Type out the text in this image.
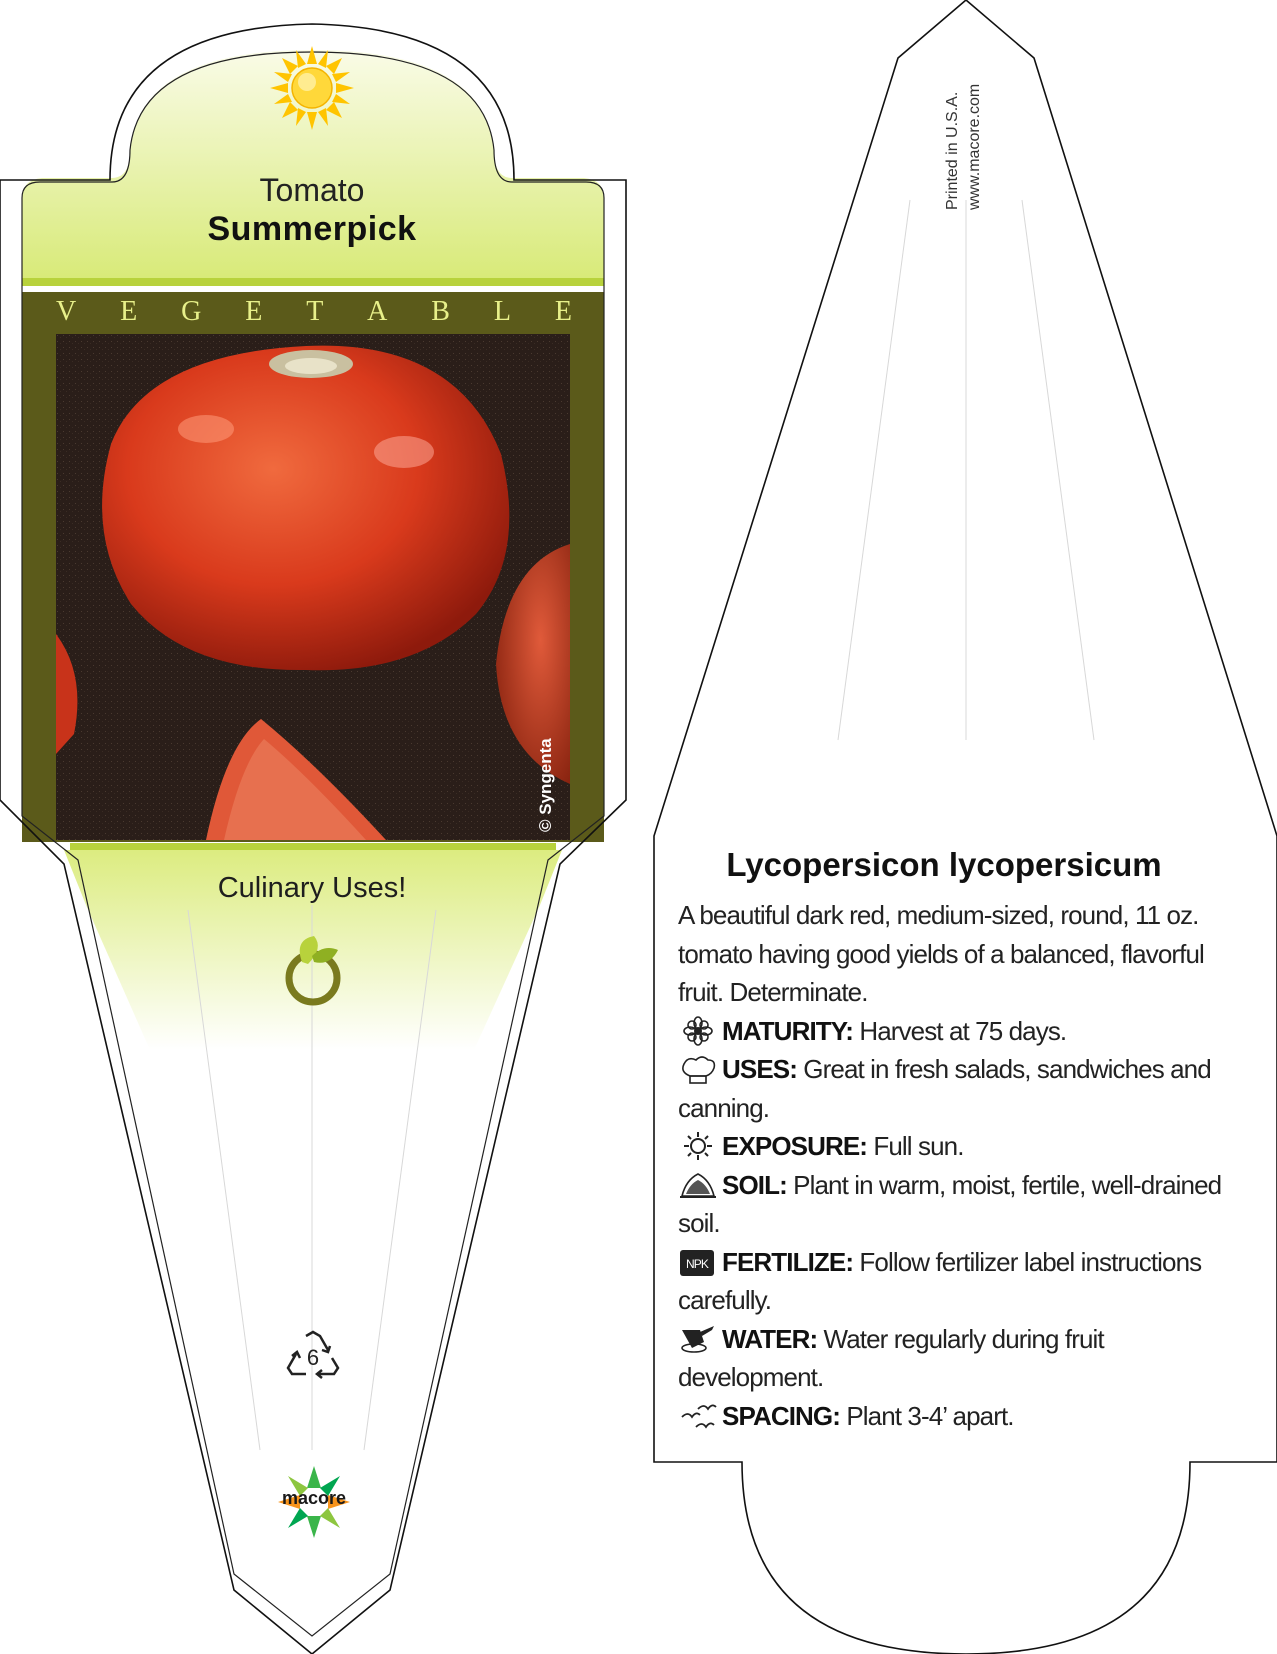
Tomato
Summerpick
V E G E T A B L E
© Syngenta
Culinary Uses!
6
macore
Printed in U.S.A. www.macore.com
Lycopersicon lycopersicum

A beautiful dark red, medium-sized, round, 11 oz. tomato having good yields of a balanced, flavorful fruit. Determinate.

MATURITY: Harvest at 75 days.

USES: Great in fresh salads, sandwiches and canning.

EXPOSURE: Full sun.

SOIL: Plant in warm, moist, fertile, well-drained soil.

NPK FERTILIZE: Follow fertilizer label instructions carefully.

WATER: Water regularly during fruit development.

SPACING: Plant 3-4’ apart.
